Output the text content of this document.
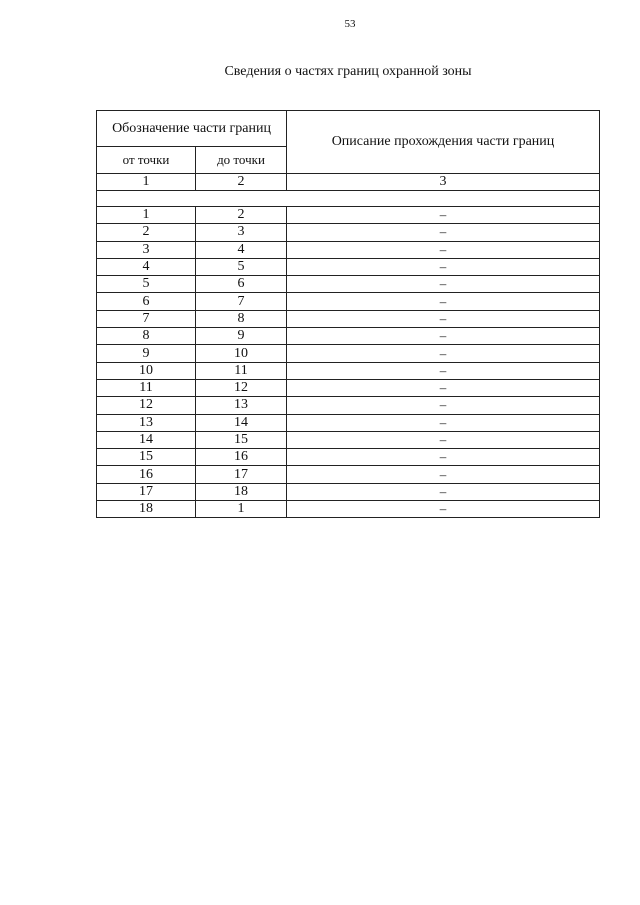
53
Сведения о частях границ охранной зоны
Обозначение части границ		Описание прохождения части границ
от точки	до точки	
1	2	3

1	2	–
2	3	–
3	4	–
4	5	–
5	6	–
6	7	–
7	8	–
8	9	–
9	10	–
10	11	–
11	12	–
12	13	–
13	14	–
14	15	–
15	16	–
16	17	–
17	18	–
18	1	–
